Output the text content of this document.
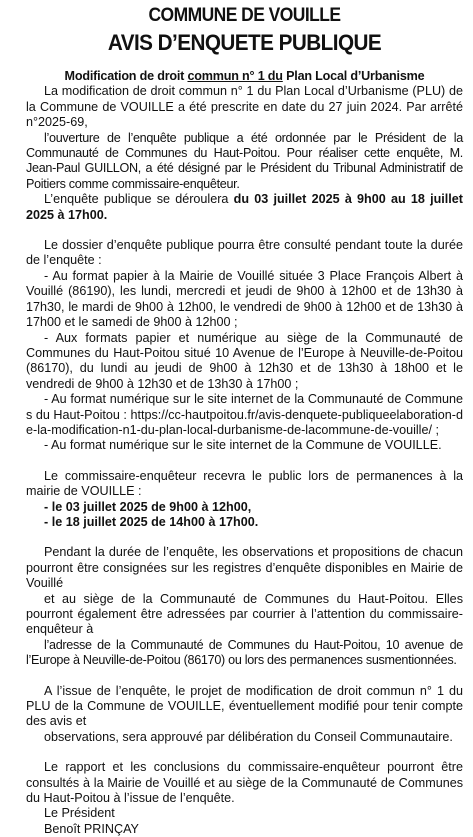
COMMUNE DE VOUILLE
AVIS D’ENQUETE PUBLIQUE
Modification de droit commun n° 1 du Plan Local d’Urbanisme

La modification de droit commun n° 1 du Plan Local d’Urbanisme (PLU) de la Commune de VOUILLE a été prescrite en date du 27 juin 2024. Par arrêté n°2025-69,

l’ouverture de l’enquête publique a été ordonnée par le Président de la Communauté de Communes du Haut-Poitou. Pour réaliser cette enquête, M. Jean-Paul GUILLON, a été désigné par le Président du Tribunal Administratif de Poitiers comme commissaire-enquêteur.

L’enquête publique se déroulera du 03 juillet 2025 à 9h00 au 18 juillet 2025 à 17h00.

Le dossier d’enquête publique pourra être consulté pendant toute la durée de l’enquête :

- Au format papier à la Mairie de Vouillé située 3 Place François Albert à Vouillé (86190), les lundi, mercredi et jeudi de 9h00 à 12h00 et de 13h30 à 17h30, le mardi de 9h00 à 12h00, le vendredi de 9h00 à 12h00 et de 13h30 à 17h00 et le samedi de 9h00 à 12h00 ;

- Aux formats papier et numérique au siège de la Communauté de Communes du Haut-Poitou situé 10 Avenue de l’Europe à Neuville-de-Poitou (86170), du lundi au jeudi de 9h00 à 12h30 et de 13h30 à 18h00 et le vendredi de 9h00 à 12h30 et de 13h30 à 17h00 ;

- Au format numérique sur le site internet de la Communauté de Communes du Haut-Poitou : https://cc-hautpoitou.fr/avis-denquete-publiqueelaboration-de-la-modification-n1-du-plan-local-durbanisme-de-lacommune-de-vouille/ ;

- Au format numérique sur le site internet de la Commune de VOUILLE.

Le commissaire-enquêteur recevra le public lors de permanences à la mairie de VOUILLE :

- le 03 juillet 2025 de 9h00 à 12h00,

- le 18 juillet 2025 de 14h00 à 17h00.

Pendant la durée de l’enquête, les observations et propositions de chacun pourront être consignées sur les registres d’enquête disponibles en Mairie de Vouillé

et au siège de la Communauté de Communes du Haut-Poitou. Elles pourront également être adressées par courrier à l’attention du commissaire-enquêteur à

l’adresse de la Communauté de Communes du Haut-Poitou, 10 avenue de l’Europe à Neuville-de-Poitou (86170) ou lors des permanences susmentionnées.

A l’issue de l’enquête, le projet de modification de droit commun n° 1 du PLU de la Commune de VOUILLE, éventuellement modifié pour tenir compte des avis et

observations, sera approuvé par délibération du Conseil Communautaire.

Le rapport et les conclusions du commissaire-enquêteur pourront être consultés à la Mairie de Vouillé et au siège de la Communauté de Communes du Haut-Poitou à l’issue de l’enquête.

Le Président

Benoît PRINÇAY
